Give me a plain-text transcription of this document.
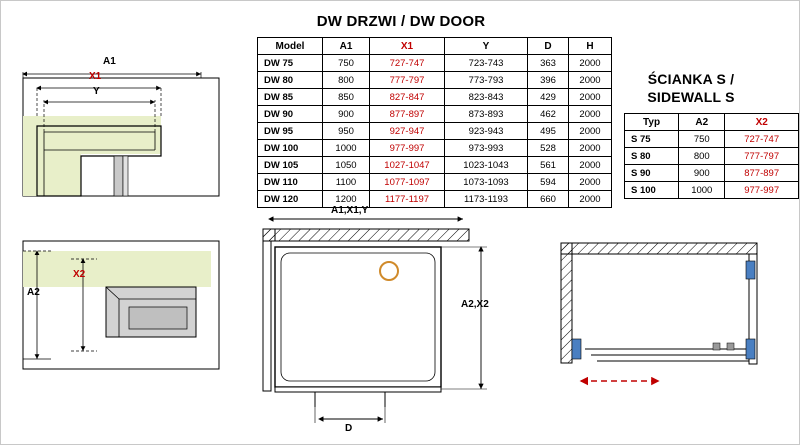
DW DRZWI / DW DOOR
Model	A1	X1	Y	D	H
DW 75	750	727-747	723-743	363	2000
DW 80	800	777-797	773-793	396	2000
DW 85	850	827-847	823-843	429	2000
DW 90	900	877-897	873-893	462	2000
DW 95	950	927-947	923-943	495	2000
DW 100	1000	977-997	973-993	528	2000
DW 105	1050	1027-1047	1023-1043	561	2000
DW 110	1100	1077-1097	1073-1093	594	2000
DW 120	1200	1177-1197	1173-1193	660	2000
ŚCIANKA S /
SIDEWALL S
Typ	A2	X2
S 75	750	727-747
S 80	800	777-797
S 90	900	877-897
S 100	1000	977-997
A1
X1
Y
A2
X2
A1,X1,Y
A2,X2
D
